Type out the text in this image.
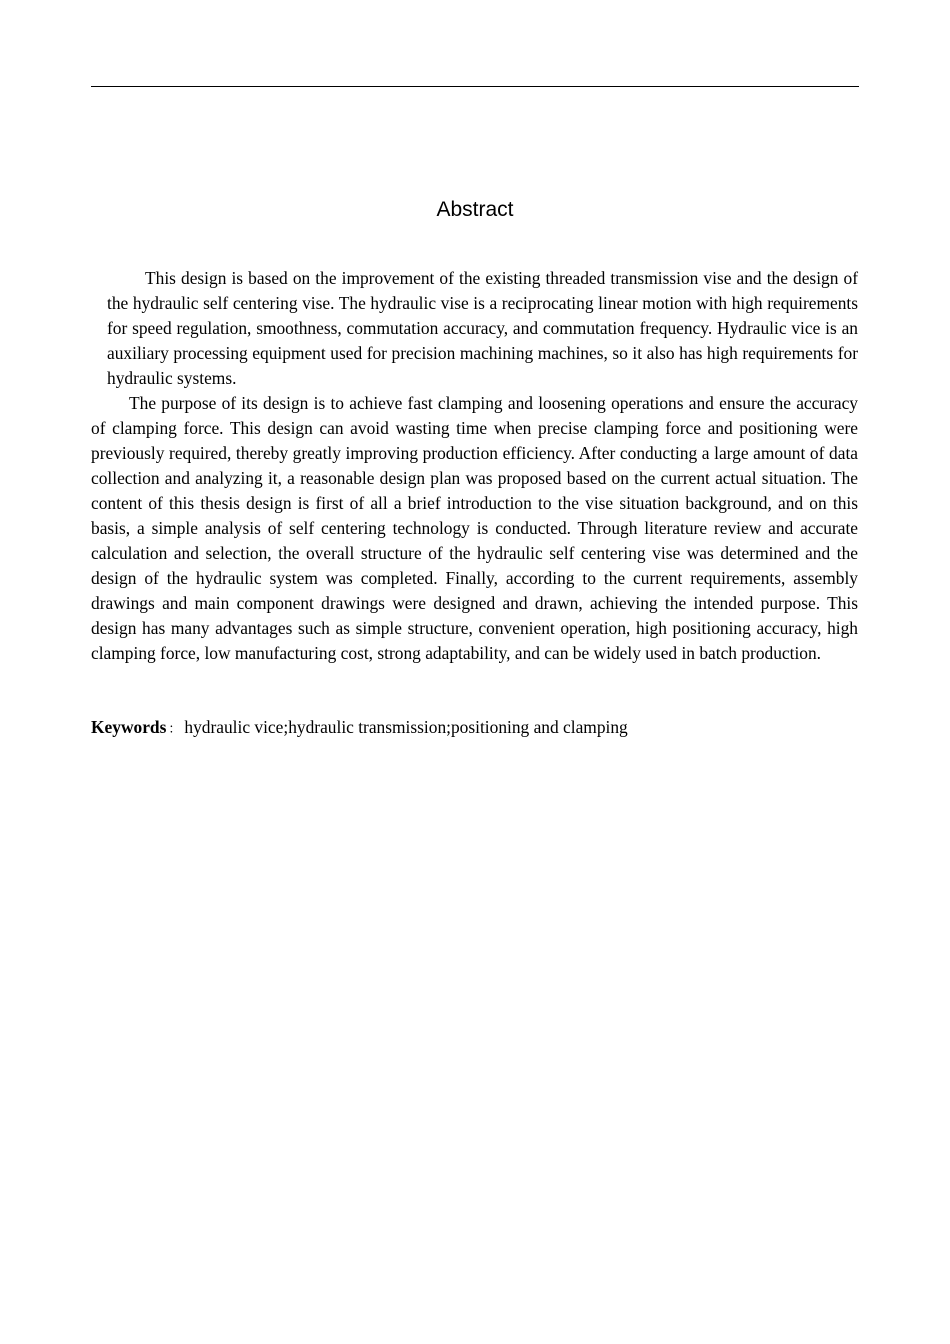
Abstract

This design is based on the improvement of the existing threaded transmission vise and the design of the hydraulic self centering vise. The hydraulic vise is a reciprocating linear motion with high requirements for speed regulation, smoothness, commutation accuracy, and commutation frequency. Hydraulic vice is an auxiliary processing equipment used for precision machining machines, so it also has high requirements for hydraulic systems.

The purpose of its design is to achieve fast clamping and loosening operations and ensure the accuracy of clamping force. This design can avoid wasting time when precise clamping force and positioning were previously required, thereby greatly improving production efficiency. After conducting a large amount of data collection and analyzing it, a reasonable design plan was proposed based on the current actual situation. The content of this thesis design is first of all a brief introduction to the vise situation background, and on this basis, a simple analysis of self centering technology is conducted. Through literature review and accurate calculation and selection, the overall structure of the hydraulic self centering vise was determined and the design of the hydraulic system was completed. Finally, according to the current requirements, assembly drawings and main component drawings were designed and drawn, achieving the intended purpose. This design has many advantages such as simple structure, convenient operation, high positioning accuracy, high clamping force, low manufacturing cost, strong adaptability, and can be widely used in batch production.

Keywords ： hydraulic vice;hydraulic transmission;positioning and clamping
